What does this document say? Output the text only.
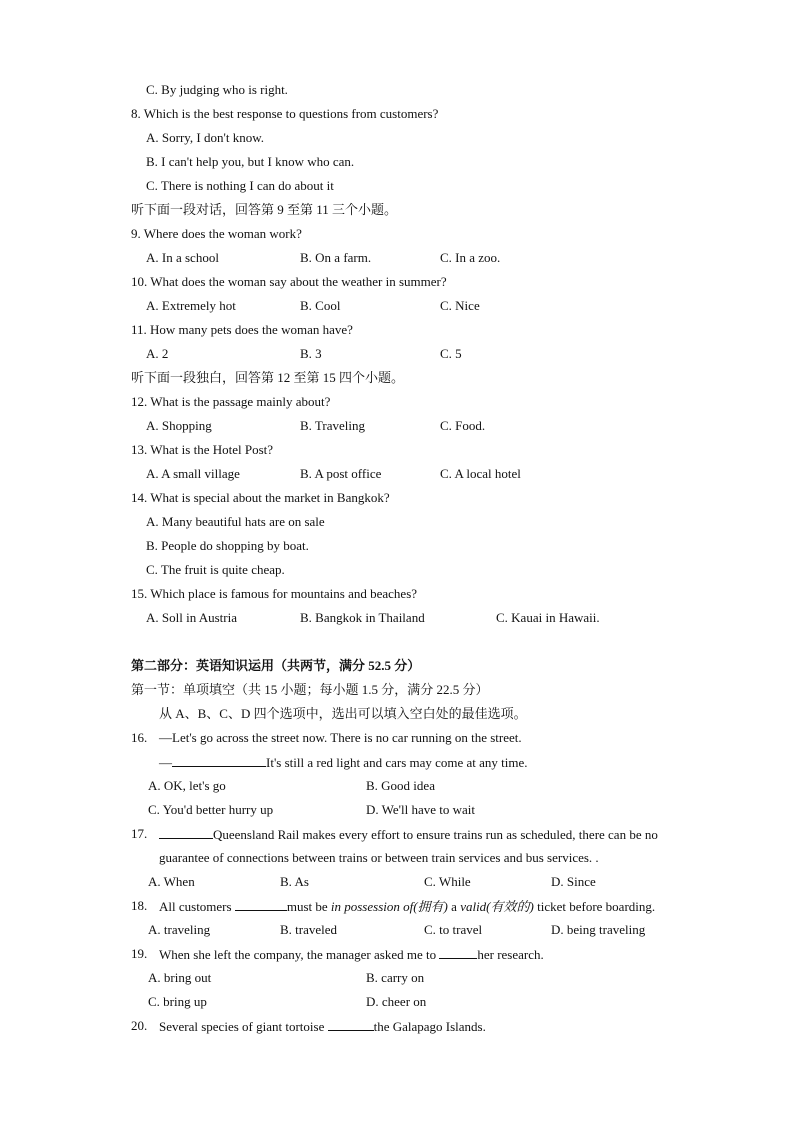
C. By judging who is right.
8. Which is the best response to questions from customers?
A. Sorry, I don't know.
B. I can't help you, but I know who can.
C. There is nothing I can do about it
听下面一段对话，回答第 9 至第 11 三个小题。
9. Where does the woman work?
A. In a school	B. On a farm.	C. In a zoo.
10. What does the woman say about the weather in summer?
A. Extremely hot	B. Cool	C. Nice
11. How many pets does the woman have?
A. 2	B. 3	C. 5
听下面一段独白，回答第 12 至第 15 四个小题。
12. What is the passage mainly about?
A. Shopping	B. Traveling	C. Food.
13. What is the Hotel Post?
A. A small village	B. A post office	C. A local hotel
14. What is special about the market in Bangkok?
A. Many beautiful hats are on sale
B. People do shopping by boat.
C. The fruit is quite cheap.
15. Which place is famous for mountains and beaches?
A. Soll in Austria	B. Bangkok in Thailand	C. Kauai in Hawaii.
第二部分：英语知识运用（共两节，满分 52.5 分）
第一节：单项填空（共 15 小题；每小题 1.5 分，满分 22.5 分）
从 A、B、C、D 四个选项中，选出可以填入空白处的最佳选项。
16. —Let's go across the street now. There is no car running on the street.
—	It's still a red light and cars may come at any time.
A. OK, let's go	B. Good idea
C. You'd better hurry up	D. We'll have to wait
17.	Queensland Rail makes every effort to ensure trains run as scheduled, there can be no
guarantee of connections between trains or between train services and bus services. .
A. When	B. As	C. While	D. Since
18. All customers	must be in possession of(拥有) a valid(有效的) ticket before boarding.
A. traveling	B. traveled	C. to travel	D. being traveling
19. When she left the company, the manager asked me to	her research.
A. bring out	B. carry on
C. bring up	D. cheer on
20. Several species of giant tortoise	the Galapago Islands.
